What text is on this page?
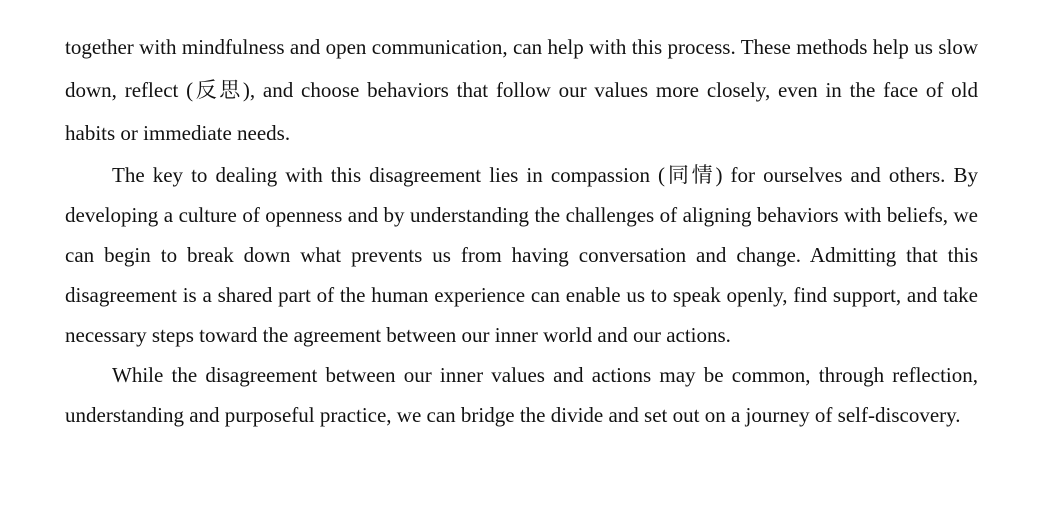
together with mindfulness and open communication, can help with this process. These methods help us slow down, reflect (反思), and choose behaviors that follow our values more closely, even in the face of old habits or immediate needs.

The key to dealing with this disagreement lies in compassion (同情) for ourselves and others. By developing a culture of openness and by understanding the challenges of aligning behaviors with beliefs, we can begin to break down what prevents us from having conversation and change. Admitting that this disagreement is a shared part of the human experience can enable us to speak openly, find support, and take necessary steps toward the agreement between our inner world and our actions.

While the disagreement between our inner values and actions may be common, through reflection, understanding and purposeful practice, we can bridge the divide and set out on a journey of self-discovery.
